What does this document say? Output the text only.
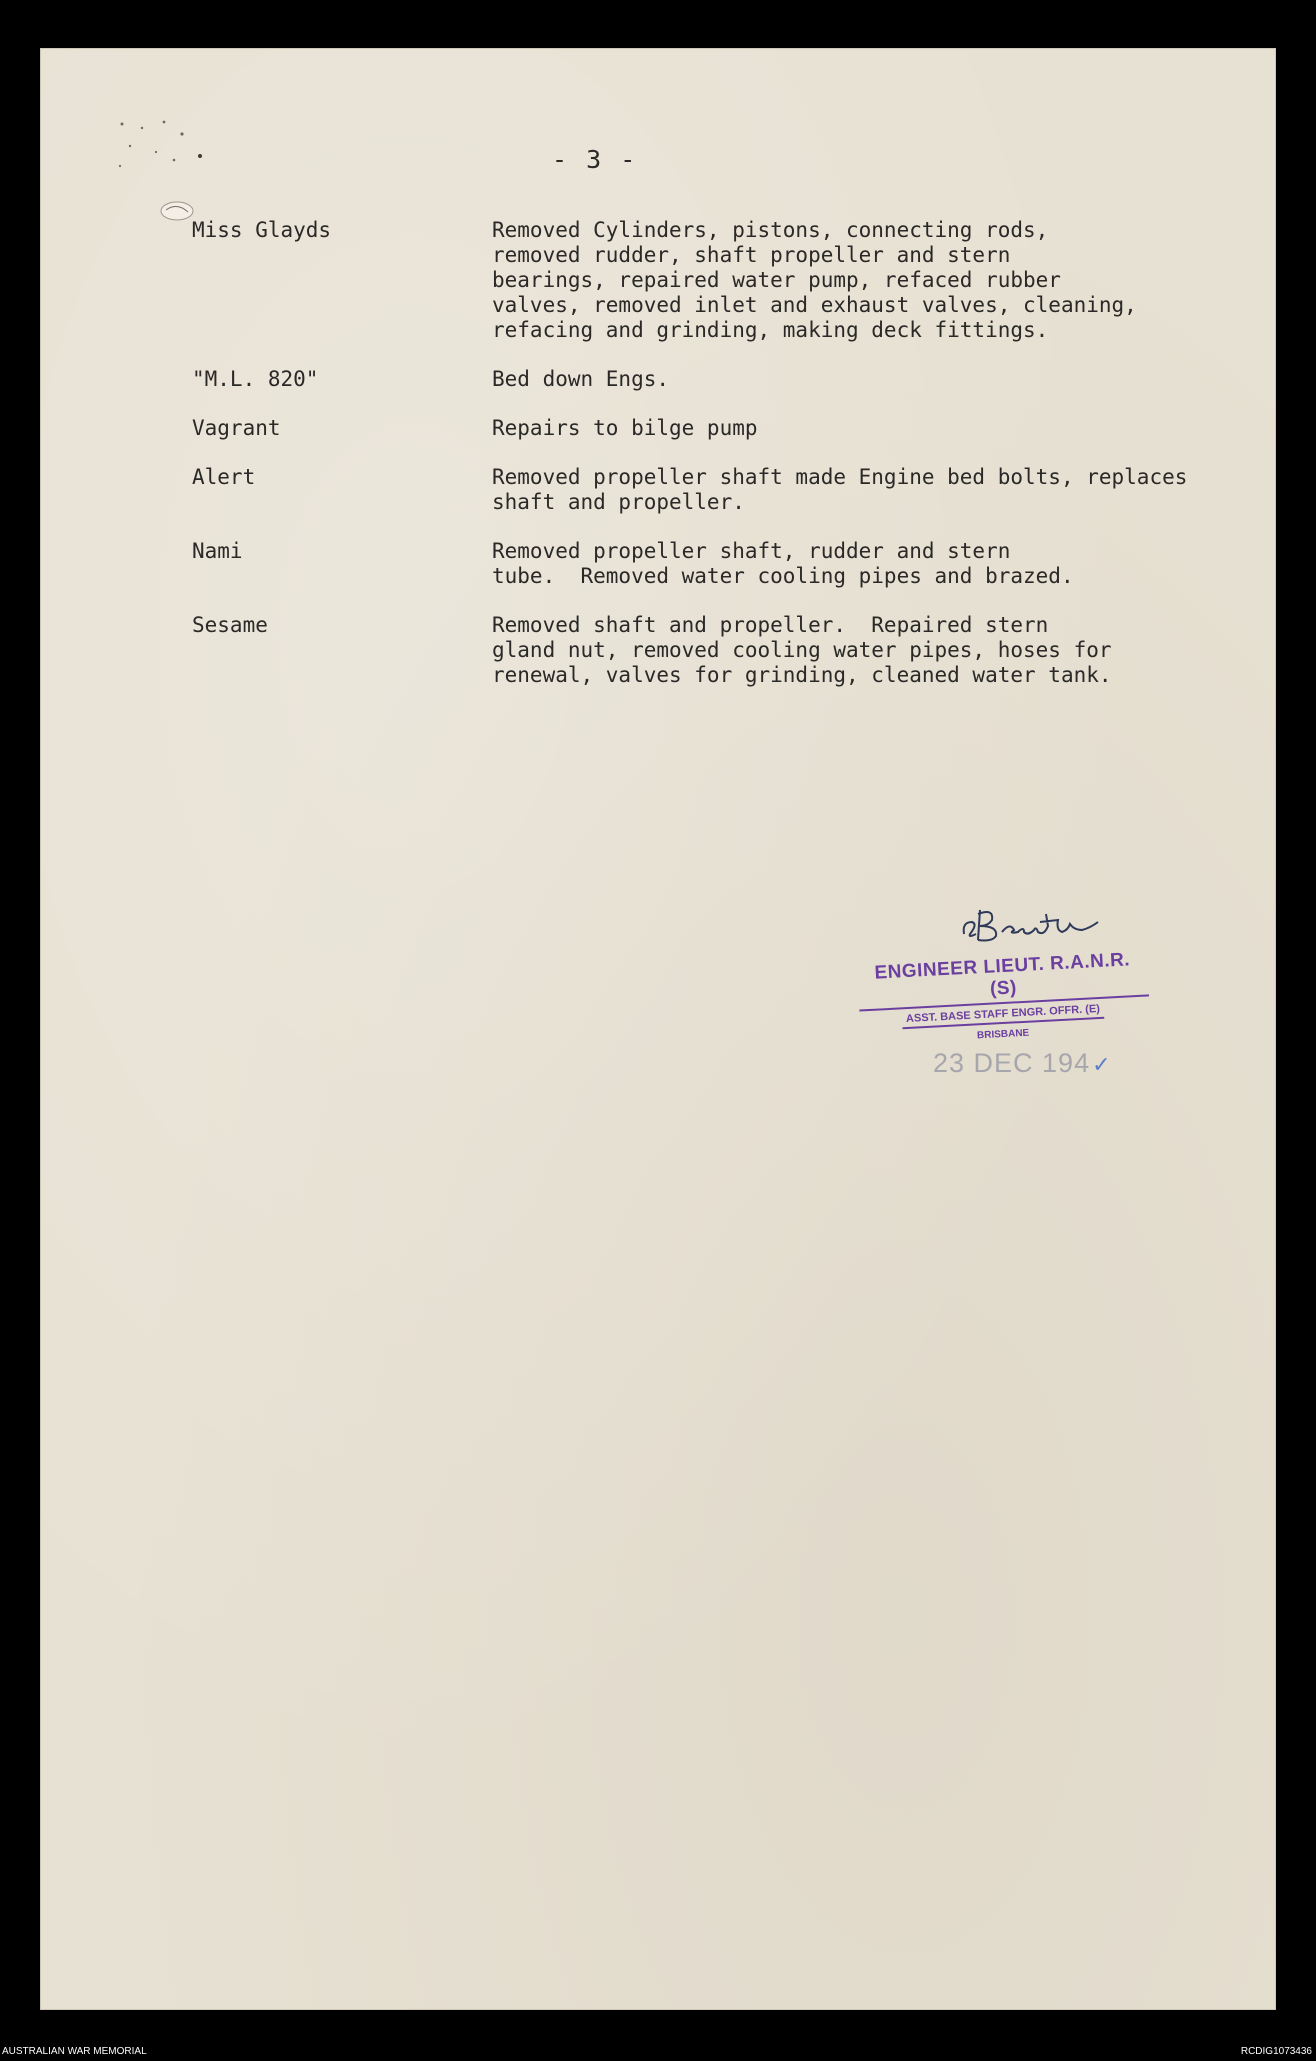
- 3 -
Miss Glayds	Removed Cylinders, pistons, connecting rods,
removed rudder, shaft propeller and stern
bearings, repaired water pump, refaced rubber
valves, removed inlet and exhaust valves, cleaning,
refacing and grinding, making deck fittings.
"M.L. 820"	Bed down Engs.
Vagrant	Repairs to bilge pump
Alert	Removed propeller shaft made Engine bed bolts, replaces
shaft and propeller.
Nami	Removed propeller shaft, rudder and stern
tube.  Removed water cooling pipes and brazed.
Sesame	Removed shaft and propeller.  Repaired stern
gland nut, removed cooling water pipes, hoses for
renewal, valves for grinding, cleaned water tank.
ENGINEER LIEUT. R.A.N.R.(S)
ASST. BASE STAFF ENGR. OFFR. (E)
BRISBANE
23 DEC 194✓
AUSTRALIAN WAR MEMORIAL	RCDIG1073436
